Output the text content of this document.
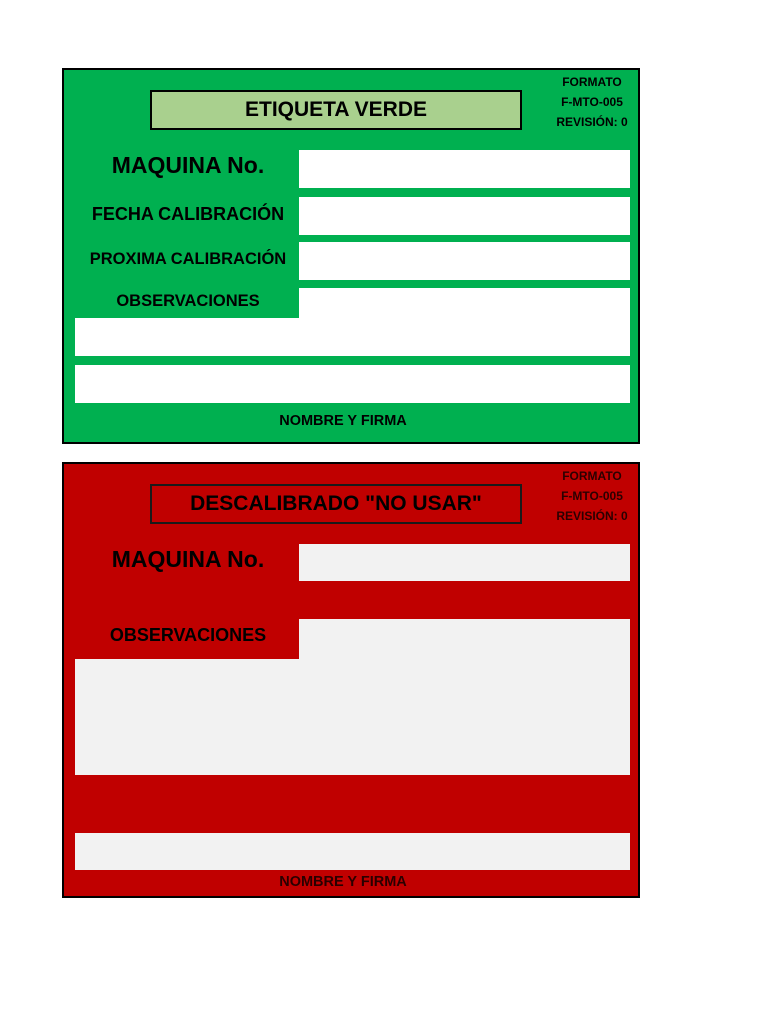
ETIQUETA VERDE
FORMATO
F-MTO-005
REVISIÓN: 0
MAQUINA No.
FECHA CALIBRACIÓN
PROXIMA CALIBRACIÓN
OBSERVACIONES
NOMBRE Y FIRMA
DESCALIBRADO "NO USAR"
FORMATO
F-MTO-005
REVISIÓN: 0
MAQUINA No.
OBSERVACIONES
NOMBRE Y FIRMA
